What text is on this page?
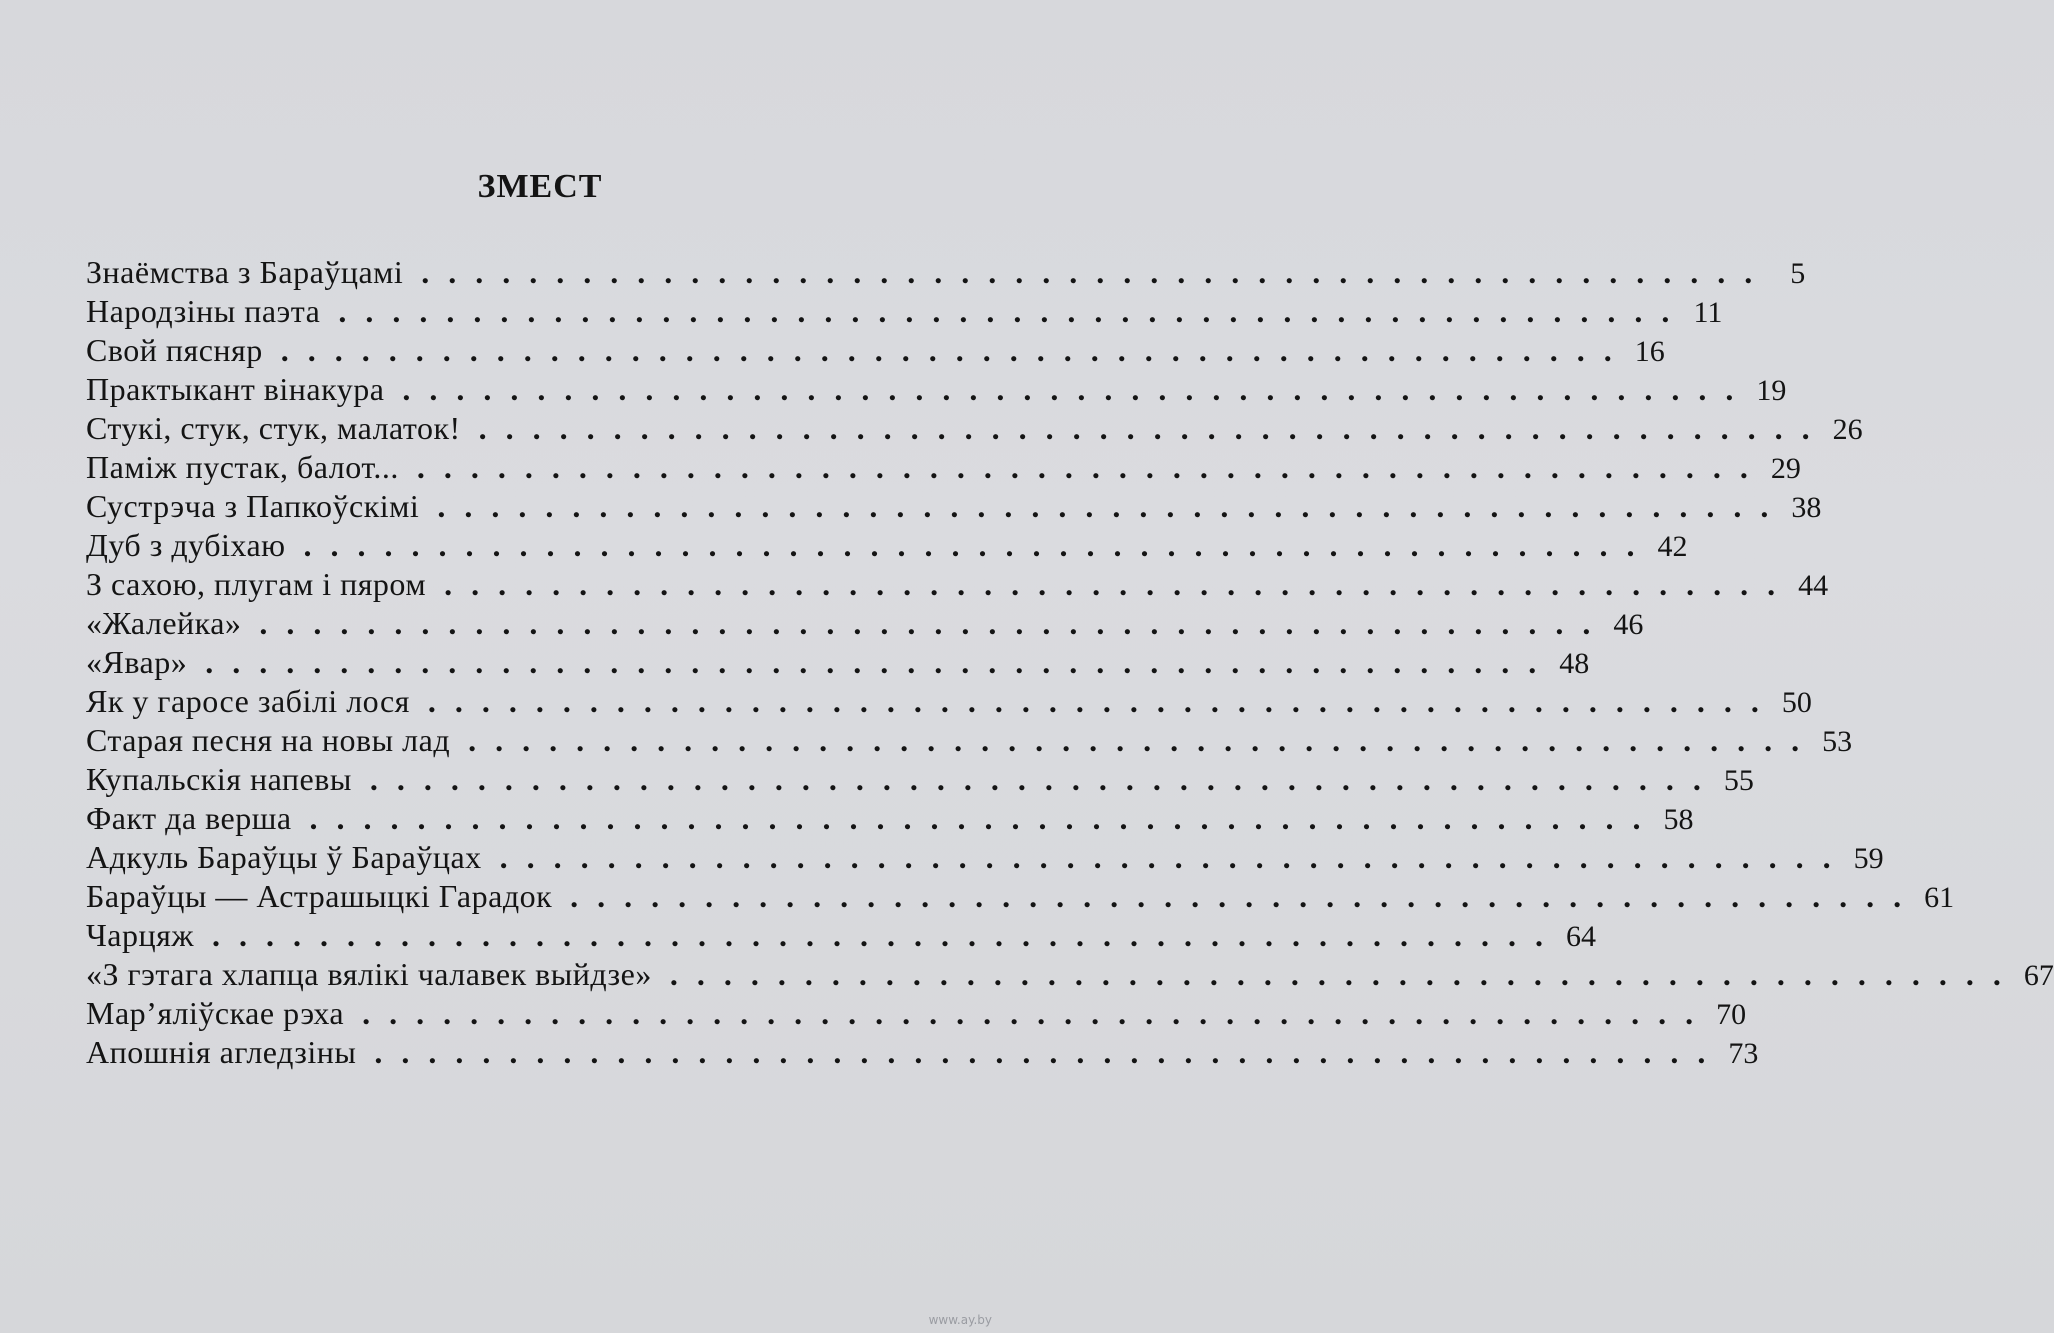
ЗМЕСТ
Знаёмства з Бараўцамі .................................................. 5
Народзіны паэта .................................................. 11
Свой пясняр .................................................. 16
Практыкант вінакура .................................................. 19
Стукі, стук, стук, малаток! .................................................. 26
Паміж пустак, балот... .................................................. 29
Сустрэча з Папкоўскімі .................................................. 38
Дуб з дубіхаю .................................................. 42
З сахою, плугам і пяром .................................................. 44
«Жалейка» .................................................. 46
«Явар» .................................................. 48
Як у гаросе забілі лося .................................................. 50
Старая песня на новы лад .................................................. 53
Купальскія напевы .................................................. 55
Факт да верша .................................................. 58
Адкуль Бараўцы ў Бараўцах .................................................. 59
Бараўцы — Астрашыцкі Гарадок .................................................. 61
Чарцяж .................................................. 64
«З гэтага хлапца вялікі чалавек выйдзе» .................................................. 67
Мар’ялiўскае рэха .................................................. 70
Апошнія агледзіны .................................................. 73
www.ay.by
